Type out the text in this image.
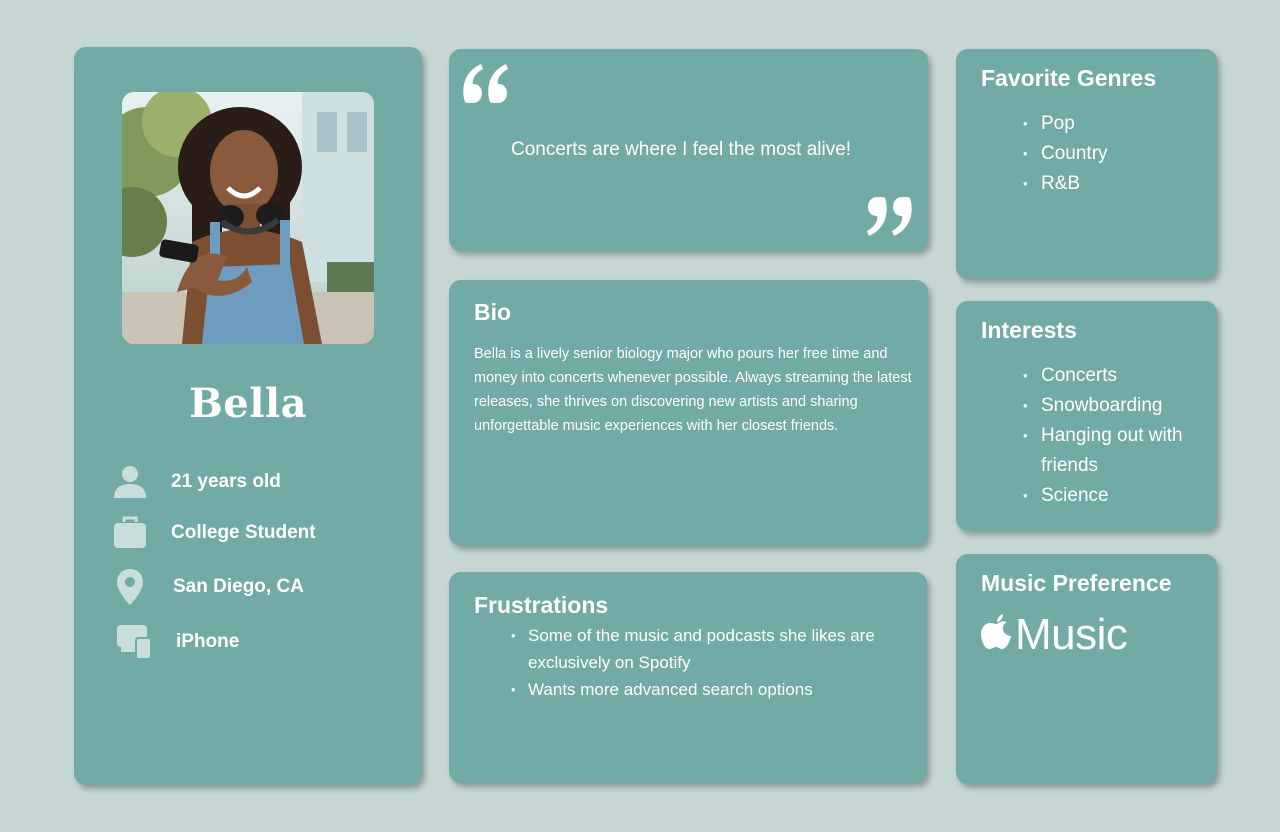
Bella
21 years old
College Student
San Diego, CA
iPhone
Concerts are where I feel the most alive!
Bio

Bella is a lively senior biology major who pours her free time and money into concerts whenever possible. Always streaming the latest releases, she thrives on discovering new artists and sharing unforgettable music experiences with her closest friends.

Frustrations
• Some of the music and podcasts she likes are exclusively on Spotify
• Wants more advanced search options
Favorite Genres
• Pop
• Country
• R&B
Interests
• Concerts
• Snowboarding
• Hanging out with friends
• Science
Music Preference
Music
